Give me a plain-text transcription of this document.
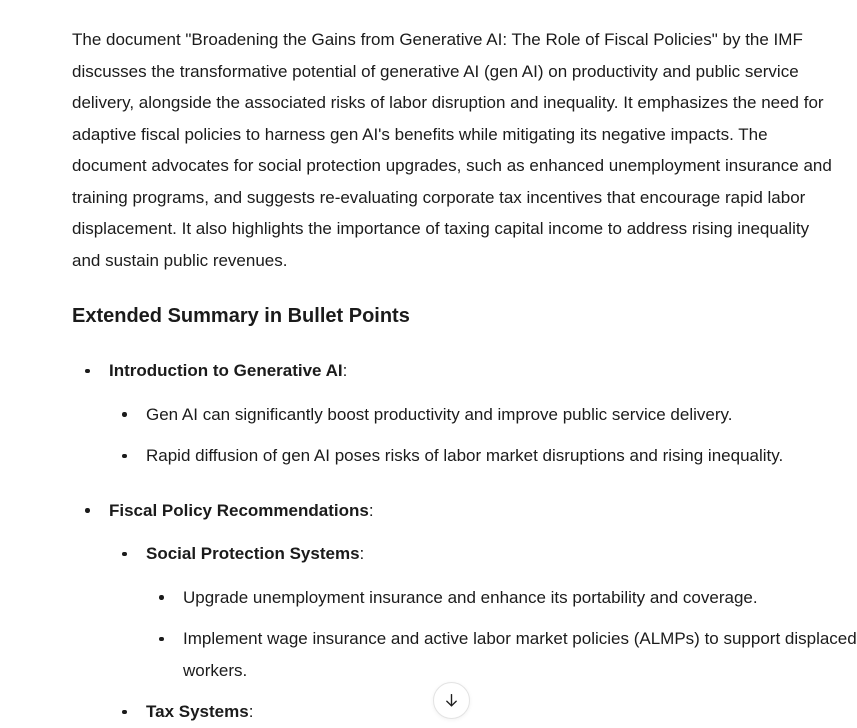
The document "Broadening the Gains from Generative AI: The Role of Fiscal Policies" by the IMF
discusses the transformative potential of generative AI (gen AI) on productivity and public service
delivery, alongside the associated risks of labor disruption and inequality. It emphasizes the need for
adaptive fiscal policies to harness gen AI's benefits while mitigating its negative impacts. The
document advocates for social protection upgrades, such as enhanced unemployment insurance and
training programs, and suggests re-evaluating corporate tax incentives that encourage rapid labor
displacement. It also highlights the importance of taxing capital income to address rising inequality
and sustain public revenues.
Extended Summary in Bullet Points
Introduction to Generative AI:
Gen AI can significantly boost productivity and improve public service delivery.
Rapid diffusion of gen AI poses risks of labor market disruptions and rising inequality.
Fiscal Policy Recommendations:
Social Protection Systems:
Upgrade unemployment insurance and enhance its portability and coverage.
Implement wage insurance and active labor market policies (ALMPs) to support displaced workers.
Tax Systems:
